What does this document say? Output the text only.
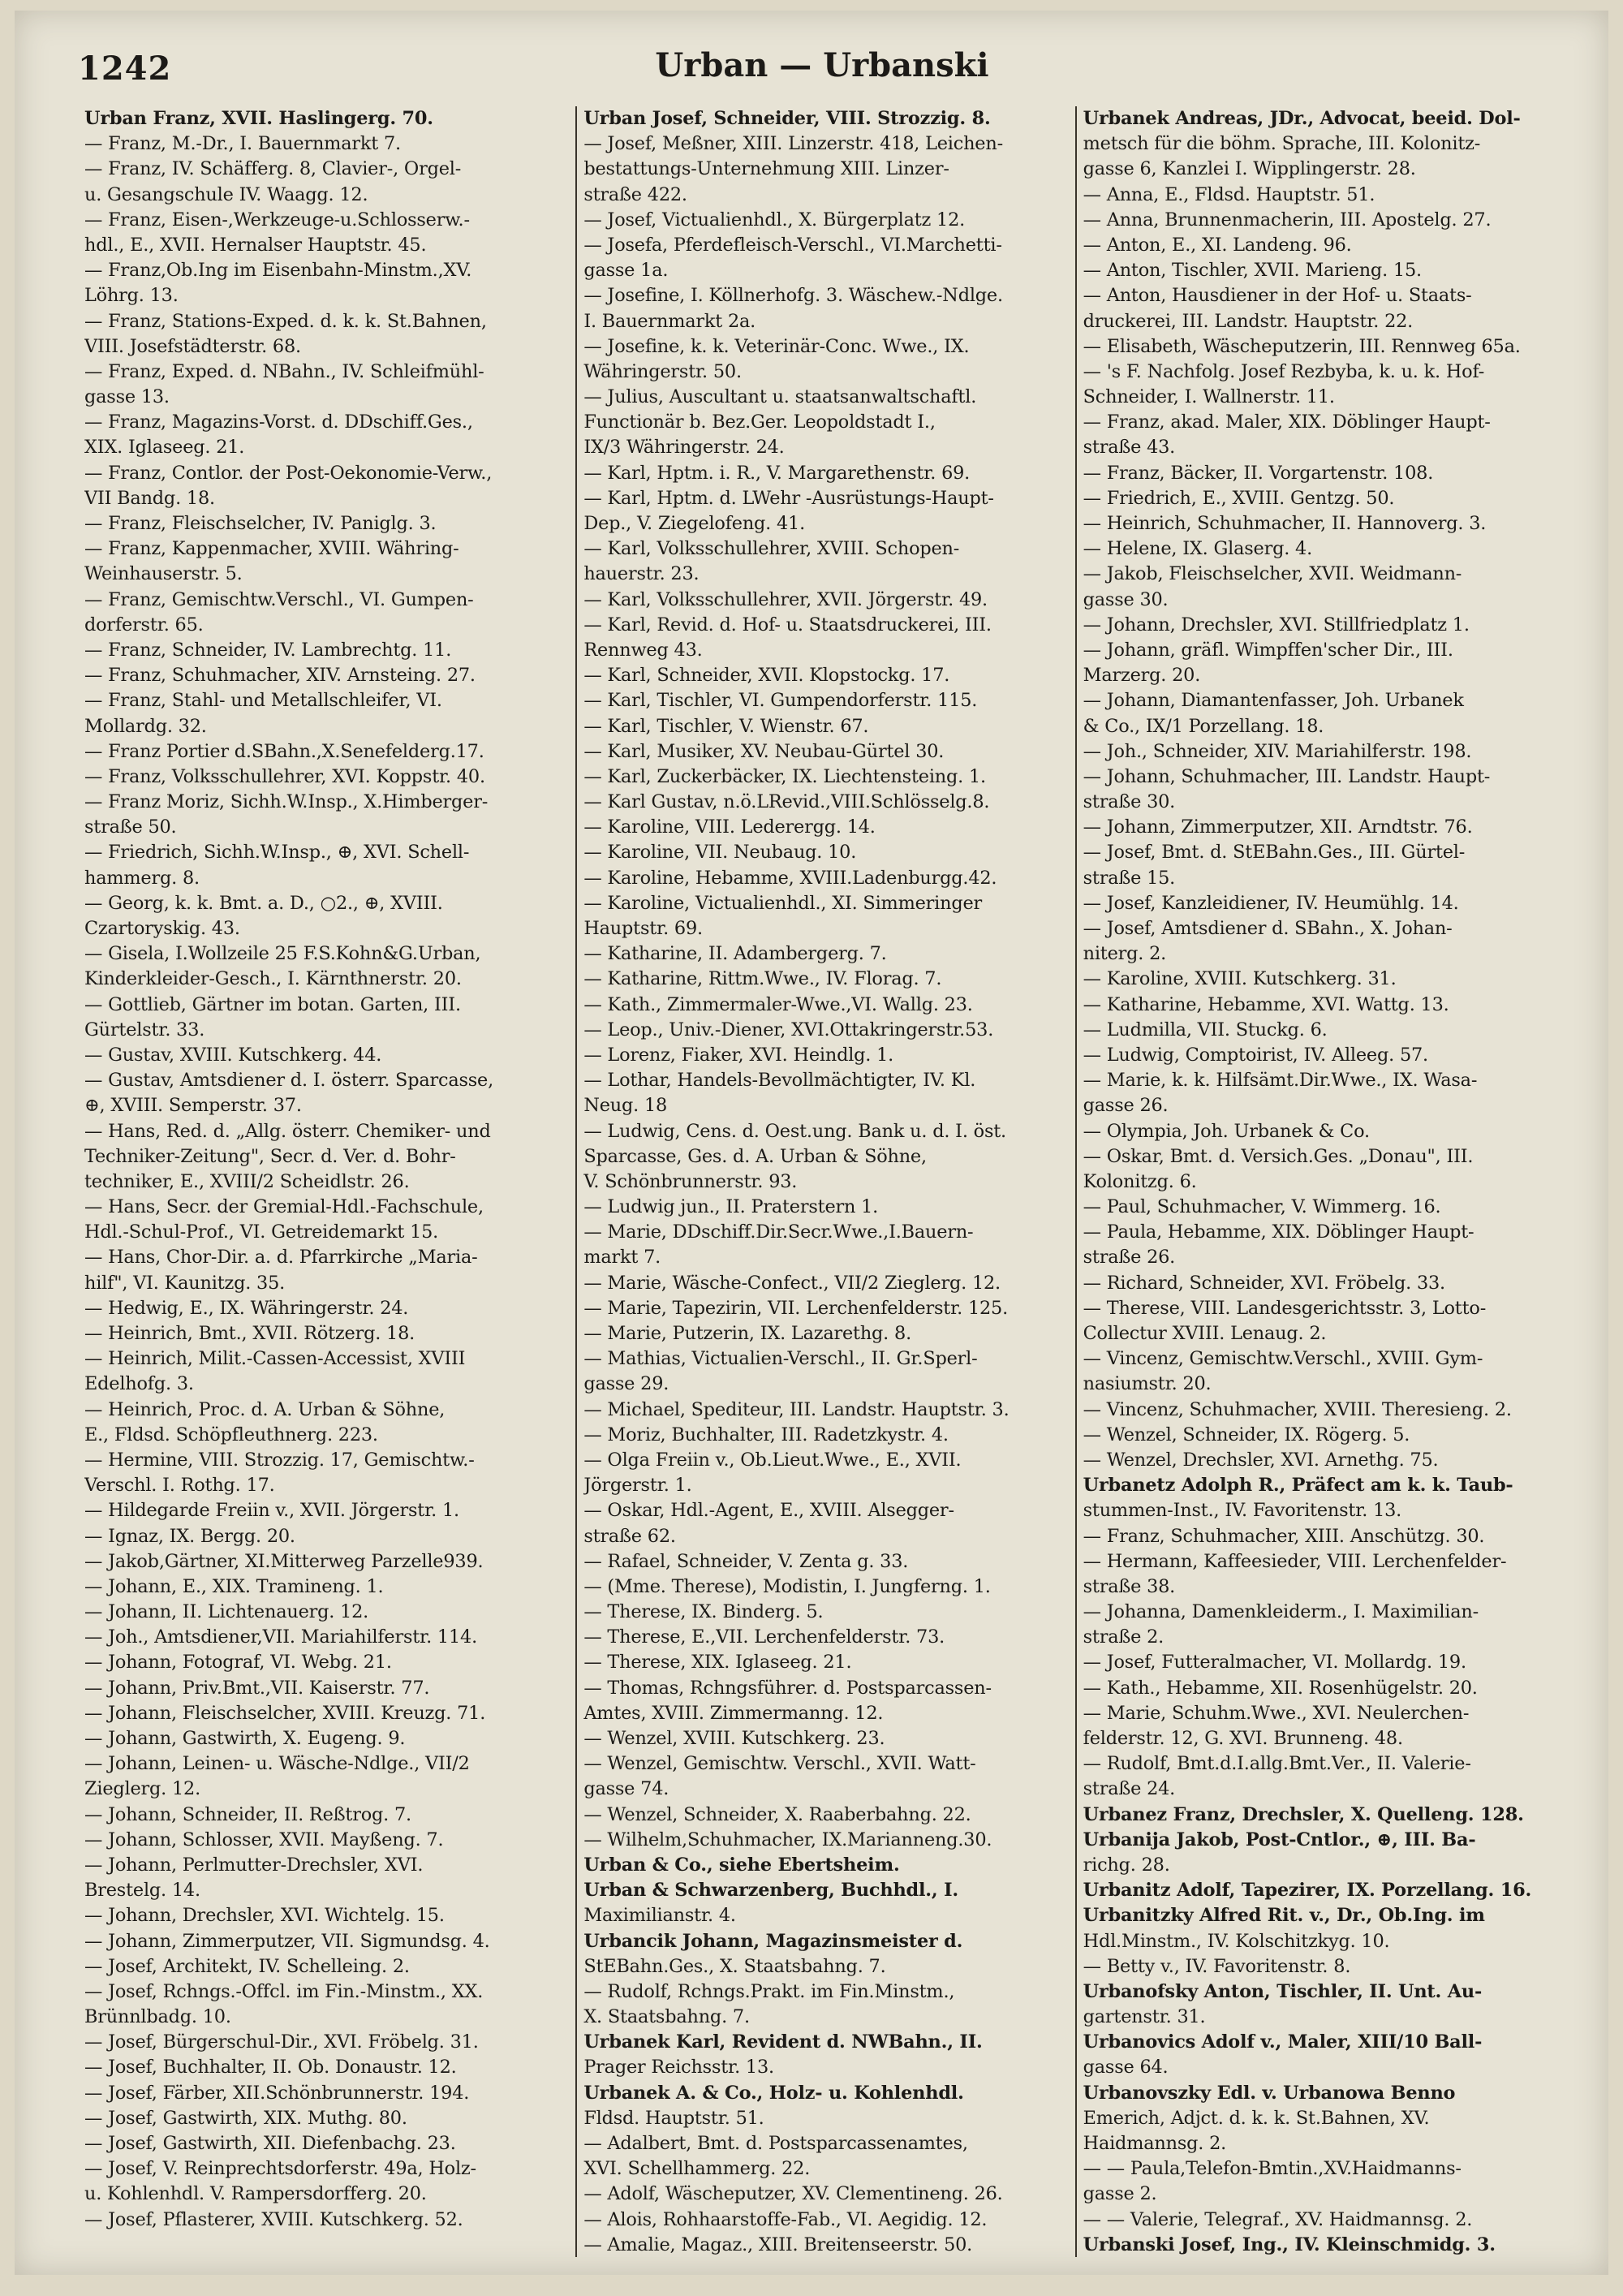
1242	Urban — Urbanski
Urban Franz, XVII. Haslingerg. 70.
— Franz, M.-Dr., I. Bauernmarkt 7.
— Franz, IV. Schäfferg. 8, Clavier-, Orgel-
u. Gesangschule IV. Waagg. 12.
— Franz, Eisen-,Werkzeuge-u.Schlosserw.-
hdl., E., XVII. Hernalser Hauptstr. 45.
— Franz,Ob.Ing im Eisenbahn-Minstm.,XV.
Löhrg. 13.
— Franz, Stations-Exped. d. k. k. St.Bahnen,
VIII. Josefstädterstr. 68.
— Franz, Exped. d. NBahn., IV. Schleifmühl-
gasse 13.
— Franz, Magazins-Vorst. d. DDschiff.Ges.,
XIX. Iglaseeg. 21.
— Franz, Contlor. der Post-Oekonomie-Verw.,
VII Bandg. 18.
— Franz, Fleischselcher, IV. Paniglg. 3.
— Franz, Kappenmacher, XVIII. Währing-
Weinhauserstr. 5.
— Franz, Gemischtw.Verschl., VI. Gumpen-
dorferstr. 65.
— Franz, Schneider, IV. Lambrechtg. 11.
— Franz, Schuhmacher, XIV. Arnsteing. 27.
— Franz, Stahl- und Metallschleifer, VI.
Mollardg. 32.
— Franz Portier d.SBahn.,X.Senefelderg.17.
— Franz, Volksschullehrer, XVI. Koppstr. 40.
— Franz Moriz, Sichh.W.Insp., X.Himberger-
straße 50.
— Friedrich, Sichh.W.Insp., ⊕, XVI. Schell-
hammerg. 8.
— Georg, k. k. Bmt. a. D., ○2., ⊕, XVIII.
Czartoryskig. 43.
— Gisela, I.Wollzeile 25 F.S.Kohn&G.Urban,
Kinderkleider-Gesch., I. Kärnthnerstr. 20.
— Gottlieb, Gärtner im botan. Garten, III.
Gürtelstr. 33.
— Gustav, XVIII. Kutschkerg. 44.
— Gustav, Amtsdiener d. I. österr. Sparcasse,
⊕, XVIII. Semperstr. 37.
— Hans, Red. d. „Allg. österr. Chemiker- und
Techniker-Zeitung", Secr. d. Ver. d. Bohr-
techniker, E., XVIII/2 Scheidlstr. 26.
— Hans, Secr. der Gremial-Hdl.-Fachschule,
Hdl.-Schul-Prof., VI. Getreidemarkt 15.
— Hans, Chor-Dir. a. d. Pfarrkirche „Maria-
hilf", VI. Kaunitzg. 35.
— Hedwig, E., IX. Währingerstr. 24.
— Heinrich, Bmt., XVII. Rötzerg. 18.
— Heinrich, Milit.-Cassen-Accessist, XVIII
Edelhofg. 3.
— Heinrich, Proc. d. A. Urban & Söhne,
E., Fldsd. Schöpfleuthnerg. 223.
— Hermine, VIII. Strozzig. 17, Gemischtw.-
Verschl. I. Rothg. 17.
— Hildegarde Freiin v., XVII. Jörgerstr. 1.
— Ignaz, IX. Bergg. 20.
— Jakob,Gärtner, XI.Mitterweg Parzelle939.
— Johann, E., XIX. Tramineng. 1.
— Johann, II. Lichtenauerg. 12.
— Joh., Amtsdiener,VII. Mariahilferstr. 114.
— Johann, Fotograf, VI. Webg. 21.
— Johann, Priv.Bmt.,VII. Kaiserstr. 77.
— Johann, Fleischselcher, XVIII. Kreuzg. 71.
— Johann, Gastwirth, X. Eugeng. 9.
— Johann, Leinen- u. Wäsche-Ndlge., VII/2
Zieglerg. 12.
— Johann, Schneider, II. Reßtrog. 7.
— Johann, Schlosser, XVII. Mayßeng. 7.
— Johann, Perlmutter-Drechsler, XVI.
Brestelg. 14.
— Johann, Drechsler, XVI. Wichtelg. 15.
— Johann, Zimmerputzer, VII. Sigmundsg. 4.
— Josef, Architekt, IV. Schelleing. 2.
— Josef, Rchngs.-Offcl. im Fin.-Minstm., XX.
Brünnlbadg. 10.
— Josef, Bürgerschul-Dir., XVI. Fröbelg. 31.
— Josef, Buchhalter, II. Ob. Donaustr. 12.
— Josef, Färber, XII.Schönbrunnerstr. 194.
— Josef, Gastwirth, XIX. Muthg. 80.
— Josef, Gastwirth, XII. Diefenbachg. 23.
— Josef, V. Reinprechtsdorferstr. 49a, Holz-
u. Kohlenhdl. V. Rampersdorfferg. 20.
— Josef, Pflasterer, XVIII. Kutschkerg. 52.
Urban Josef, Schneider, VIII. Strozzig. 8.
— Josef, Meßner, XIII. Linzerstr. 418, Leichen-
bestattungs-Unternehmung XIII. Linzer-
straße 422.
— Josef, Victualienhdl., X. Bürgerplatz 12.
— Josefa, Pferdefleisch-Verschl., VI.Marchetti-
gasse 1a.
— Josefine, I. Köllnerhofg. 3. Wäschew.-Ndlge.
I. Bauernmarkt 2a.
— Josefine, k. k. Veterinär-Conc. Wwe., IX.
Währingerstr. 50.
— Julius, Auscultant u. staatsanwaltschaftl.
Functionär b. Bez.Ger. Leopoldstadt I.,
IX/3 Währingerstr. 24.
— Karl, Hptm. i. R., V. Margarethenstr. 69.
— Karl, Hptm. d. LWehr -Ausrüstungs-Haupt-
Dep., V. Ziegelofeng. 41.
— Karl, Volksschullehrer, XVIII. Schopen-
hauerstr. 23.
— Karl, Volksschullehrer, XVII. Jörgerstr. 49.
— Karl, Revid. d. Hof- u. Staatsdruckerei, III.
Rennweg 43.
— Karl, Schneider, XVII. Klopstockg. 17.
— Karl, Tischler, VI. Gumpendorferstr. 115.
— Karl, Tischler, V. Wienstr. 67.
— Karl, Musiker, XV. Neubau-Gürtel 30.
— Karl, Zuckerbäcker, IX. Liechtensteing. 1.
— Karl Gustav, n.ö.LRevid.,VIII.Schlösselg.8.
— Karoline, VIII. Lederergg. 14.
— Karoline, VII. Neubaug. 10.
— Karoline, Hebamme, XVIII.Ladenburgg.42.
— Karoline, Victualienhdl., XI. Simmeringer
Hauptstr. 69.
— Katharine, II. Adambergerg. 7.
— Katharine, Rittm.Wwe., IV. Florag. 7.
— Kath., Zimmermaler-Wwe.,VI. Wallg. 23.
— Leop., Univ.-Diener, XVI.Ottakringerstr.53.
— Lorenz, Fiaker, XVI. Heindlg. 1.
— Lothar, Handels-Bevollmächtigter, IV. Kl.
Neug. 18
— Ludwig, Cens. d. Oest.ung. Bank u. d. I. öst.
Sparcasse, Ges. d. A. Urban & Söhne,
V. Schönbrunnerstr. 93.
— Ludwig jun., II. Praterstern 1.
— Marie, DDschiff.Dir.Secr.Wwe.,I.Bauern-
markt 7.
— Marie, Wäsche-Confect., VII/2 Zieglerg. 12.
— Marie, Tapezirin, VII. Lerchenfelderstr. 125.
— Marie, Putzerin, IX. Lazarethg. 8.
— Mathias, Victualien-Verschl., II. Gr.Sperl-
gasse 29.
— Michael, Spediteur, III. Landstr. Hauptstr. 3.
— Moriz, Buchhalter, III. Radetzkystr. 4.
— Olga Freiin v., Ob.Lieut.Wwe., E., XVII.
Jörgerstr. 1.
— Oskar, Hdl.-Agent, E., XVIII. Alsegger-
straße 62.
— Rafael, Schneider, V. Zenta g. 33.
— (Mme. Therese), Modistin, I. Jungferng. 1.
— Therese, IX. Binderg. 5.
— Therese, E.,VII. Lerchenfelderstr. 73.
— Therese, XIX. Iglaseeg. 21.
— Thomas, Rchngsführer. d. Postsparcassen-
Amtes, XVIII. Zimmermanng. 12.
— Wenzel, XVIII. Kutschkerg. 23.
— Wenzel, Gemischtw. Verschl., XVII. Watt-
gasse 74.
— Wenzel, Schneider, X. Raaberbahng. 22.
— Wilhelm,Schuhmacher, IX.Marianneng.30.
Urban & Co., siehe Ebertsheim.
Urban & Schwarzenberg, Buchhdl., I.
Maximilianstr. 4.
Urbancik Johann, Magazinsmeister d.
StEBahn.Ges., X. Staatsbahng. 7.
— Rudolf, Rchngs.Prakt. im Fin.Minstm.,
X. Staatsbahng. 7.
Urbanek Karl, Revident d. NWBahn., II.
Prager Reichsstr. 13.
Urbanek A. & Co., Holz- u. Kohlenhdl.
Fldsd. Hauptstr. 51.
— Adalbert, Bmt. d. Postsparcassenamtes,
XVI. Schellhammerg. 22.
— Adolf, Wäscheputzer, XV. Clementineng. 26.
— Alois, Rohhaarstoffe-Fab., VI. Aegidig. 12.
— Amalie, Magaz., XIII. Breitenseerstr. 50.
Urbanek Andreas, JDr., Advocat, beeid. Dol-
metsch für die böhm. Sprache, III. Kolonitz-
gasse 6, Kanzlei I. Wipplingerstr. 28.
— Anna, E., Fldsd. Hauptstr. 51.
— Anna, Brunnenmacherin, III. Apostelg. 27.
— Anton, E., XI. Landeng. 96.
— Anton, Tischler, XVII. Marieng. 15.
— Anton, Hausdiener in der Hof- u. Staats-
druckerei, III. Landstr. Hauptstr. 22.
— Elisabeth, Wäscheputzerin, III. Rennweg 65a.
— 's F. Nachfolg. Josef Rezbyba, k. u. k. Hof-
Schneider, I. Wallnerstr. 11.
— Franz, akad. Maler, XIX. Döblinger Haupt-
straße 43.
— Franz, Bäcker, II. Vorgartenstr. 108.
— Friedrich, E., XVIII. Gentzg. 50.
— Heinrich, Schuhmacher, II. Hannoverg. 3.
— Helene, IX. Glaserg. 4.
— Jakob, Fleischselcher, XVII. Weidmann-
gasse 30.
— Johann, Drechsler, XVI. Stillfriedplatz 1.
— Johann, gräfl. Wimpffen'scher Dir., III.
Marzerg. 20.
— Johann, Diamantenfasser, Joh. Urbanek
& Co., IX/1 Porzellang. 18.
— Joh., Schneider, XIV. Mariahilferstr. 198.
— Johann, Schuhmacher, III. Landstr. Haupt-
straße 30.
— Johann, Zimmerputzer, XII. Arndtstr. 76.
— Josef, Bmt. d. StEBahn.Ges., III. Gürtel-
straße 15.
— Josef, Kanzleidiener, IV. Heumühlg. 14.
— Josef, Amtsdiener d. SBahn., X. Johan-
niterg. 2.
— Karoline, XVIII. Kutschkerg. 31.
— Katharine, Hebamme, XVI. Wattg. 13.
— Ludmilla, VII. Stuckg. 6.
— Ludwig, Comptoirist, IV. Alleeg. 57.
— Marie, k. k. Hilfsämt.Dir.Wwe., IX. Wasa-
gasse 26.
— Olympia, Joh. Urbanek & Co.
— Oskar, Bmt. d. Versich.Ges. „Donau", III.
Kolonitzg. 6.
— Paul, Schuhmacher, V. Wimmerg. 16.
— Paula, Hebamme, XIX. Döblinger Haupt-
straße 26.
— Richard, Schneider, XVI. Fröbelg. 33.
— Therese, VIII. Landesgerichtsstr. 3, Lotto-
Collectur XVIII. Lenaug. 2.
— Vincenz, Gemischtw.Verschl., XVIII. Gym-
nasiumstr. 20.
— Vincenz, Schuhmacher, XVIII. Theresieng. 2.
— Wenzel, Schneider, IX. Rögerg. 5.
— Wenzel, Drechsler, XVI. Arnethg. 75.
Urbanetz Adolph R., Präfect am k. k. Taub-
stummen-Inst., IV. Favoritenstr. 13.
— Franz, Schuhmacher, XIII. Anschützg. 30.
— Hermann, Kaffeesieder, VIII. Lerchenfelder-
straße 38.
— Johanna, Damenkleiderm., I. Maximilian-
straße 2.
— Josef, Futteralmacher, VI. Mollardg. 19.
— Kath., Hebamme, XII. Rosenhügelstr. 20.
— Marie, Schuhm.Wwe., XVI. Neulerchen-
felderstr. 12, G. XVI. Brunneng. 48.
— Rudolf, Bmt.d.I.allg.Bmt.Ver., II. Valerie-
straße 24.
Urbanez Franz, Drechsler, X. Quelleng. 128.
Urbanija Jakob, Post-Cntlor., ⊕, III. Ba-
richg. 28.
Urbanitz Adolf, Tapezirer, IX. Porzellang. 16.
Urbanitzky Alfred Rit. v., Dr., Ob.Ing. im
Hdl.Minstm., IV. Kolschitzkyg. 10.
— Betty v., IV. Favoritenstr. 8.
Urbanofsky Anton, Tischler, II. Unt. Au-
gartenstr. 31.
Urbanovics Adolf v., Maler, XIII/10 Ball-
gasse 64.
Urbanovszky Edl. v. Urbanowa Benno
Emerich, Adjct. d. k. k. St.Bahnen, XV.
Haidmannsg. 2.
— — Paula,Telefon-Bmtin.,XV.Haidmanns-
gasse 2.
— — Valerie, Telegraf., XV. Haidmannsg. 2.
Urbanski Josef, Ing., IV. Kleinschmidg. 3.
